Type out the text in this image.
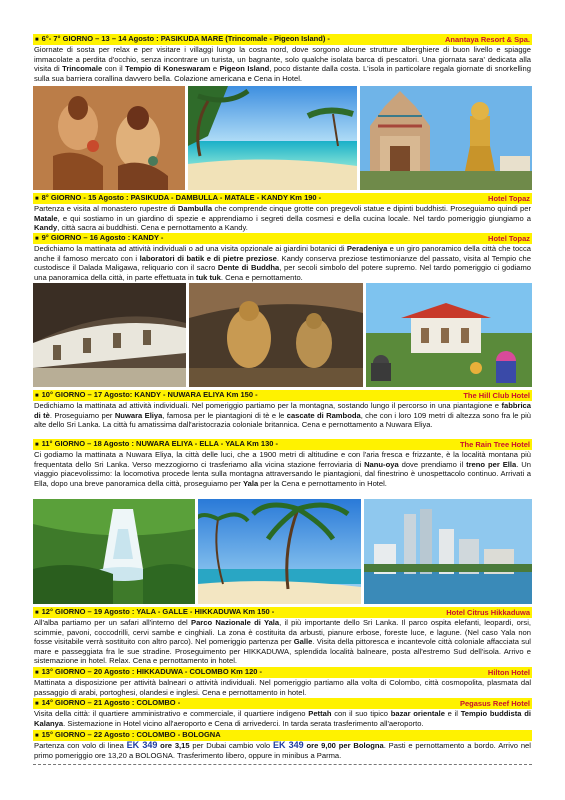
■ 6°- 7° GIORNO – 13 – 14 Agosto : PASIKUDA MARE (Trincomale - Pigeon Island) -	Anantaya Resort & Spa.

Giornate di sosta per relax e per visitare i villaggi lungo la costa nord, dove sorgono alcune strutture alberghiere di buon livello e spiagge immacolate a perdita d'occhio, senza incontrare un turista, un bagnante, solo qualche isolata barca di pescatori. Una giornata sara' dedicata alla visita di Trincomale con il Tempio di Koneswaram e Pigeon Island, poco distante dalla costa. L'isola in particolare regala giornate di snorkelling sulla sua barriera corallina davvero bella. Colazione americana e Cena in Hotel.

■ 8° GIORNO - 15 Agosto : PASIKUDA - DAMBULLA - MATALE - KANDY Km 190 -	Hotel Topaz

Partenza e visita al monastero rupestre di Dambulla che comprende cinque grotte con pregevoli statue e dipinti buddhisti. Proseguiamo quindi per Matale, e qui sostiamo in un giardino di spezie e apprendiamo i segreti della cosmesi e della cucina locale. Nel tardo pomeriggio giungiamo a Kandy, città sacra ai buddhisti. Cena e pernottamento a Kandy.

■ 9° GIORNO – 16 Agosto : KANDY -	Hotel Topaz

Dedichiamo la mattinata ad attività individuali o ad una visita opzionale ai giardini botanici di Peradeniya e un giro panoramico della città che tocca anche il famoso mercato con i laboratori di batik e di pietre preziose. Kandy conserva preziose testimonianze del passato, visita al Tempio che custodisce il Dalada Maligawa, reliquario con il sacro Dente di Buddha, per secoli simbolo del potere supremo. Nel tardo pomeriggio ci godiamo una panoramica della città, in parte effettuata in tuk tuk. Cena e pernottamento.

■ 10° GIORNO – 17 Agosto: KANDY - NUWARA ELIYA Km 150 -	The Hill Club Hotel

Dedichiamo la mattinata ad attività individuali. Nel pomeriggio partiamo per la montagna, sostando lungo il percorso in una piantagione e fabbrica di tè. Proseguiamo per Nuwara Eliya, famosa per le piantagioni di tè e le cascate di Ramboda, che con i loro 109 metri di altezza sono fra le più alte dello Sri Lanka. La città fu amatissima dall'aristocrazia coloniale britannica. Cena e pernottamento a Nuwara Eliya.

■ 11° GIORNO – 18 Agosto : NUWARA ELIYA - ELLA - YALA Km 130 -	The Rain Tree Hotel

Ci godiamo la mattinata a Nuwara Eliya, la città delle luci, che a 1900 metri di altitudine e con l'aria fresca e frizzante, è la località montana più frequentata dello Sri Lanka. Verso mezzogiorno ci trasferiamo alla vicina stazione ferroviaria di Nanu-oya dove prendiamo il treno per Ella. Un viaggio piacevolissimo: la locomotiva procede lenta sulla montagna attraversando le piantagioni, dal finestrino è unospettacolo continuo. Arrivati a Ella, dopo una breve panoramica della città, proseguiamo per Yala per la Cena e pernottamento in Hotel.

■ 12° GIORNO – 19 Agosto : YALA - GALLE - HIKKADUWA Km 150 -	Hotel Citrus Hikkaduwa

All'alba partiamo per un safari all'interno del Parco Nazionale di Yala, il più importante dello Sri Lanka. Il parco ospita elefanti, leopardi, orsi, scimmie, pavoni, coccodrilli, cervi sambe e cinghiali. La zona è costituita da arbusti, pianure erbose, foreste luce, e lagune. (Nel caso Yala non fosse visitabile verrà sostituito con altro parco). Nel pomeriggio partenza per Galle. Visita della pittoresca e incantevole città coloniale affacciata sul mare e passeggiata fra le sue stradine. Proseguimento per HIKKADUWA, splendida località balneare, posta all'estremo Sud dell'isola. Arrivo e sistemazione in hotel. Relax. Cena e pernottamento in hotel.

■ 13° GIORNO – 20 Agosto : HIKKADUWA - COLOMBO Km 120 -	Hilton Hotel

Mattinata a disposizione per attività balneari o attività individuali. Nel pomeriggio partiamo alla volta di Colombo, città cosmopolita, plasmata dal passaggio di arabi, portoghesi, olandesi e inglesi. Cena e pernottamento in hotel.

■ 14° GIORNO – 21 Agosto : COLOMBO -	Pegasus Reef Hotel

Visita della città: il quartiere amministrativo e commerciale, il quartiere indigeno Pettah con il suo tipico bazar orientale e il Tempio buddista di Kalanya. Sistemazione in Hotel vicino all'aeroporto e Cena di arrivederci. In tarda serata trasferimento all'aeroporto.

■ 15° GIORNO – 22 Agosto : COLOMBO - BOLOGNA

Partenza con volo di linea EK 349 ore 3,15 per Dubai cambio volo EK 349 ore 9,00 per Bologna. Pasti e pernottamento a bordo. Arrivo nel primo pomeriggio ore 13,20 a BOLOGNA. Trasferimento libero, oppure in minibus a Parma.
